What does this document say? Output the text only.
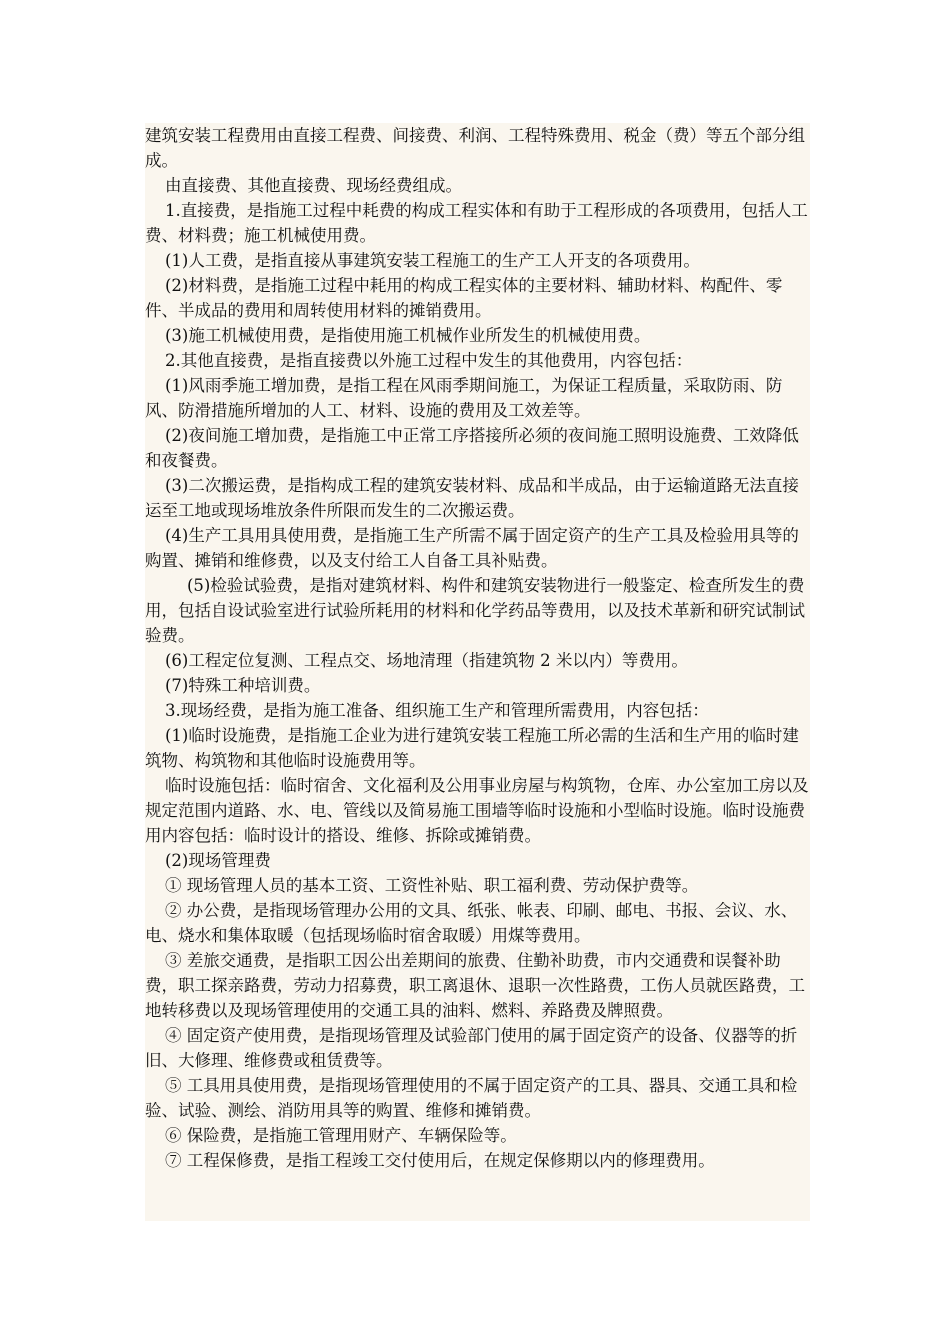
建筑安装工程费用由直接工程费、间接费、利润、工程特殊费用、税金（费）等五个部分组成。

由直接费、其他直接费、现场经费组成。

1.直接费，是指施工过程中耗费的构成工程实体和有助于工程形成的各项费用，包括人工费、材料费；施工机械使用费。

(1)人工费，是指直接从事建筑安装工程施工的生产工人开支的各项费用。

(2)材料费，是指施工过程中耗用的构成工程实体的主要材料、辅助材料、构配件、零件、半成品的费用和周转使用材料的摊销费用。

(3)施工机械使用费，是指使用施工机械作业所发生的机械使用费。

2.其他直接费，是指直接费以外施工过程中发生的其他费用，内容包括：

(1)风雨季施工增加费，是指工程在风雨季期间施工，为保证工程质量，采取防雨、防风、防滑措施所增加的人工、材料、设施的费用及工效差等。

(2)夜间施工增加费，是指施工中正常工序搭接所必须的夜间施工照明设施费、工效降低和夜餐费。

(3)二次搬运费，是指构成工程的建筑安装材料、成品和半成品，由于运输道路无法直接运至工地或现场堆放条件所限而发生的二次搬运费。

(4)生产工具用具使用费，是指施工生产所需不属于固定资产的生产工具及检验用具等的购置、摊销和维修费，以及支付给工人自备工具补贴费。

(5)检验试验费，是指对建筑材料、构件和建筑安装物进行一般鉴定、检查所发生的费用，包括自设试验室进行试验所耗用的材料和化学药品等费用，以及技术革新和研究试制试验费。

(6)工程定位复测、工程点交、场地清理（指建筑物 2 米以内）等费用。

(7)特殊工种培训费。

3.现场经费，是指为施工准备、组织施工生产和管理所需费用，内容包括：

(1)临时设施费，是指施工企业为进行建筑安装工程施工所必需的生活和生产用的临时建筑物、构筑物和其他临时设施费用等。

临时设施包括：临时宿舍、文化福利及公用事业房屋与构筑物，仓库、办公室加工房以及规定范围内道路、水、电、管线以及简易施工围墙等临时设施和小型临时设施。临时设施费用内容包括：临时设计的搭设、维修、拆除或摊销费。

(2)现场管理费

① 现场管理人员的基本工资、工资性补贴、职工福利费、劳动保护费等。

② 办公费，是指现场管理办公用的文具、纸张、帐表、印刷、邮电、书报、会议、水、电、烧水和集体取暖（包括现场临时宿舍取暖）用煤等费用。

③ 差旅交通费，是指职工因公出差期间的旅费、住勤补助费，市内交通费和误餐补助费，职工探亲路费，劳动力招募费，职工离退休、退职一次性路费，工伤人员就医路费，工地转移费以及现场管理使用的交通工具的油料、燃料、养路费及牌照费。

④ 固定资产使用费，是指现场管理及试验部门使用的属于固定资产的设备、仪器等的折旧、大修理、维修费或租赁费等。

⑤ 工具用具使用费，是指现场管理使用的不属于固定资产的工具、器具、交通工具和检验、试验、测绘、消防用具等的购置、维修和摊销费。

⑥ 保险费，是指施工管理用财产、车辆保险等。

⑦ 工程保修费，是指工程竣工交付使用后，在规定保修期以内的修理费用。
